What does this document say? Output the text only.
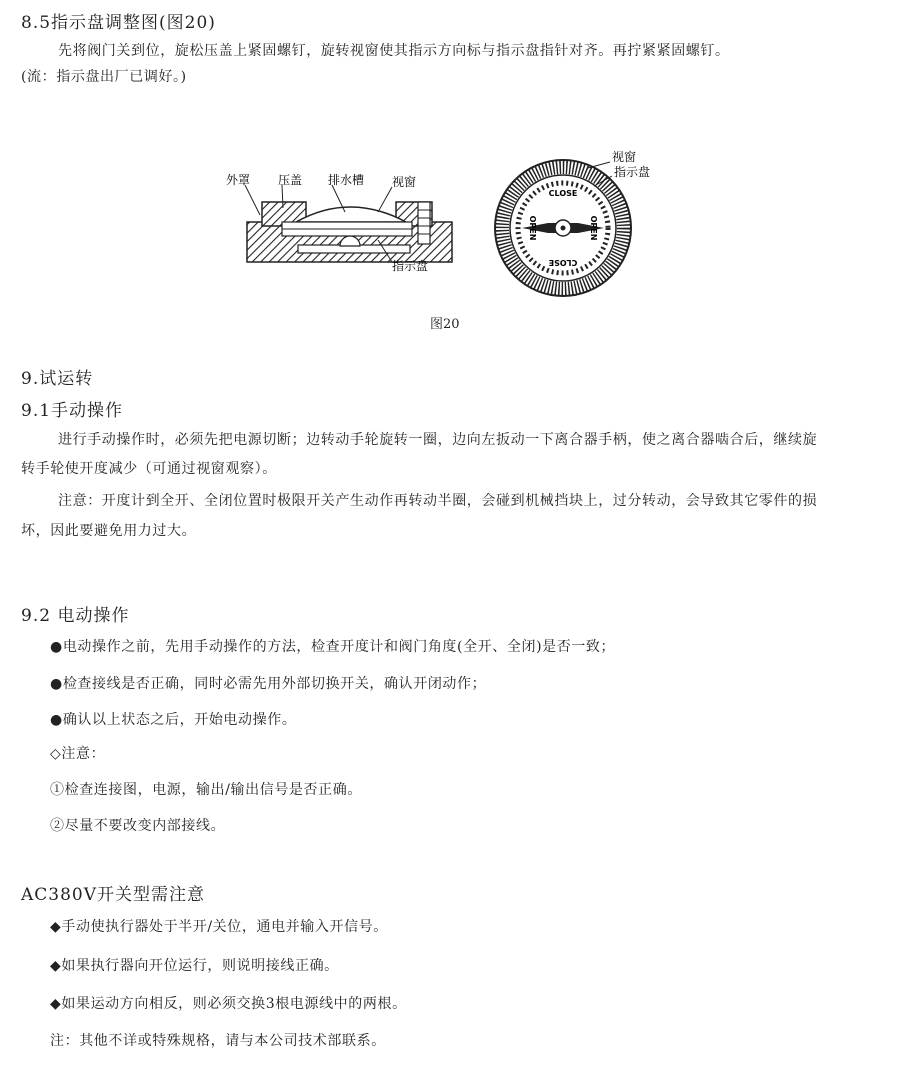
8.5指示盘调整图(图20)
先将阀门关到位，旋松压盖上紧固螺钉，旋转视窗使其指示方向标与指示盘指针对齐。再拧紧紧固螺钉。
(流：指示盘出厂已调好。)
外罩 压盖 排水槽 视窗
指示盘
CLOSE
CLOSE
OPEN	OPEN
视窗
指示盘
图20
9.试运转
9.1手动操作
进行手动操作时，必须先把电源切断；边转动手轮旋转一圈，边向左扳动一下离合器手柄，使之离合器啮合后，继续旋
转手轮使开度减少（可通过视窗观察）。
注意：开度计到全开、全闭位置时极限开关产生动作再转动半圈，会碰到机械挡块上，过分转动，会导致其它零件的损
坏，因此要避免用力过大。
9.2 电动操作
●电动操作之前，先用手动操作的方法，检查开度计和阀门角度(全开、全闭)是否一致；
●检查接线是否正确，同时必需先用外部切换开关，确认开闭动作；
●确认以上状态之后，开始电动操作。
◇注意：
①检查连接图，电源，输出/输出信号是否正确。
②尽量不要改变内部接线。
AC380V开关型需注意
◆手动使执行器处于半开/关位，通电并输入开信号。
◆如果执行器向开位运行，则说明接线正确。
◆如果运动方向相反，则必须交换3根电源线中的两根。
注：其他不详或特殊规格，请与本公司技术部联系。
